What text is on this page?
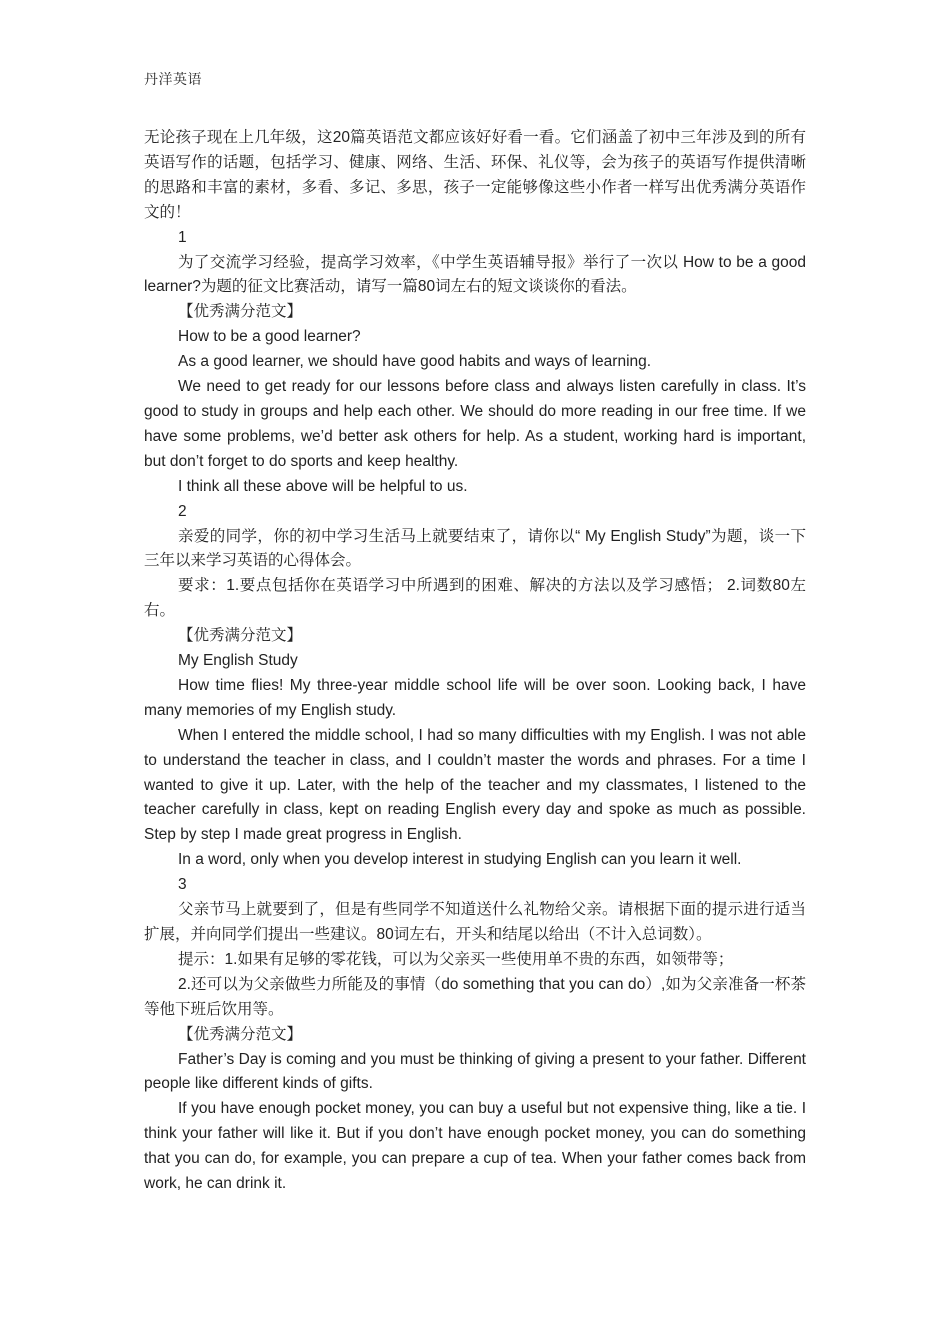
丹洋英语

无论孩子现在上几年级，这20篇英语范文都应该好好看一看。它们涵盖了初中三年涉及到的所有英语写作的话题，包括学习、健康、网络、生活、环保、礼仪等，会为孩子的英语写作提供清晰的思路和丰富的素材，多看、多记、多思，孩子一定能够像这些小作者一样写出优秀满分英语作文的！

1

为了交流学习经验，提高学习效率，《中学生英语辅导报》举行了一次以 How to be a good learner?为题的征文比赛活动，请写一篇80词左右的短文谈谈你的看法。

【优秀满分范文】

How to be a good learner?

As a good learner, we should have good habits and ways of learning.

We need to get ready for our lessons before class and always listen carefully in class. It’s good to study in groups and help each other. We should do more reading in our free time. If we have some problems, we’d better ask others for help. As a student, working hard is important, but don’t forget to do sports and keep healthy.

I think all these above will be helpful to us.

2

亲爱的同学，你的初中学习生活马上就要结束了，请你以“ My English Study”为题，谈一下三年以来学习英语的心得体会。

要求：1.要点包括你在英语学习中所遇到的困难、解决的方法以及学习感悟； 2.词数80左右。

【优秀满分范文】

My English Study

How time flies! My three-year middle school life will be over soon. Looking back, I have many memories of my English study.

When I entered the middle school, I had so many difficulties with my English. I was not able to understand the teacher in class, and I couldn’t master the words and phrases. For a time I wanted to give it up. Later, with the help of the teacher and my classmates, I listened to the teacher carefully in class, kept on reading English every day and spoke as much as possible. Step by step I made great progress in English.

In a word, only when you develop interest in studying English can you learn it well.

3

父亲节马上就要到了，但是有些同学不知道送什么礼物给父亲。请根据下面的提示进行适当扩展，并向同学们提出一些建议。80词左右，开头和结尾以给出（不计入总词数）。

提示：1.如果有足够的零花钱，可以为父亲买一些使用单不贵的东西，如领带等；

2.还可以为父亲做些力所能及的事情（do something that you can do）,如为父亲准备一杯茶等他下班后饮用等。

【优秀满分范文】

Father’s Day is coming and you must be thinking of giving a present to your father. Different people like different kinds of gifts.

If you have enough pocket money, you can buy a useful but not expensive thing, like a tie. I think your father will like it. But if you don’t have enough pocket money, you can do something that you can do, for example, you can prepare a cup of tea. When your father comes back from work, he can drink it.
